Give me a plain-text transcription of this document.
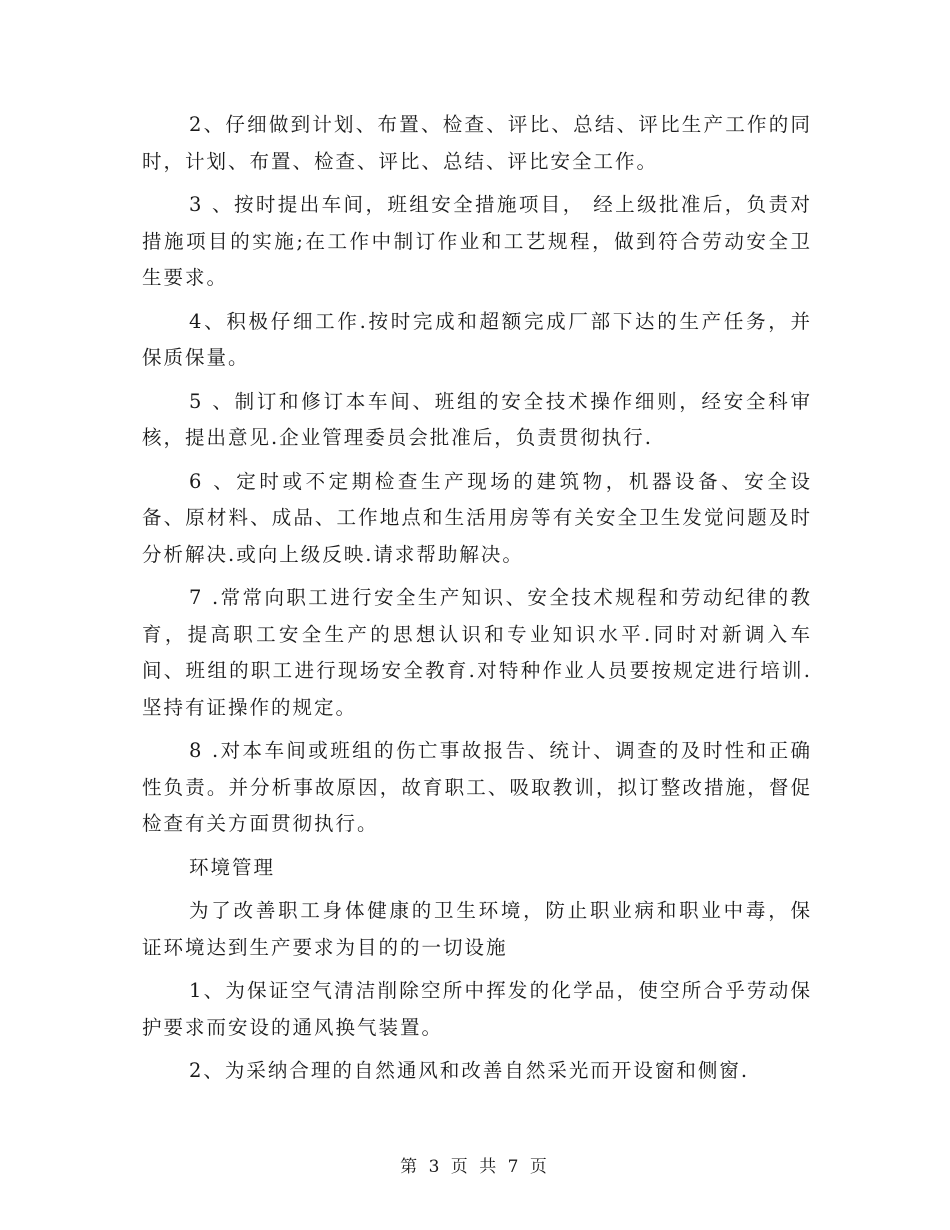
2、仔细做到计划、布置、检查、评比、总结、评比生产工作的同时，计划、布置、检查、评比、总结、评比安全工作。

3 、按时提出车间，班组安全措施项目， 经上级批准后，负责对措施项目的实施;在工作中制订作业和工艺规程，做到符合劳动安全卫生要求。

4、积极仔细工作.按时完成和超额完成厂部下达的生产任务，并保质保量。

5 、制订和修订本车间、班组的安全技术操作细则，经安全科审核，提出意见.企业管理委员会批准后，负责贯彻执行.

6 、定时或不定期检查生产现场的建筑物，机器设备、安全设备、原材料、成品、工作地点和生活用房等有关安全卫生发觉问题及时分析解决.或向上级反映.请求帮助解决。

7 .常常向职工进行安全生产知识、安全技术规程和劳动纪律的教育，提高职工安全生产的思想认识和专业知识水平.同时对新调入车间、班组的职工进行现场安全教育.对特种作业人员要按规定进行培训.坚持有证操作的规定。

8 .对本车间或班组的伤亡事故报告、统计、调查的及时性和正确性负责。并分析事故原因，故育职工、吸取教训，拟订整改措施，督促检查有关方面贯彻执行。

环境管理

为了改善职工身体健康的卫生环境，防止职业病和职业中毒，保证环境达到生产要求为目的的一切设施

1、为保证空气清洁削除空所中挥发的化学品，使空所合乎劳动保护要求而安设的通风换气装置。

2、为采纳合理的自然通风和改善自然采光而开设窗和侧窗.

第 3 页 共 7 页
